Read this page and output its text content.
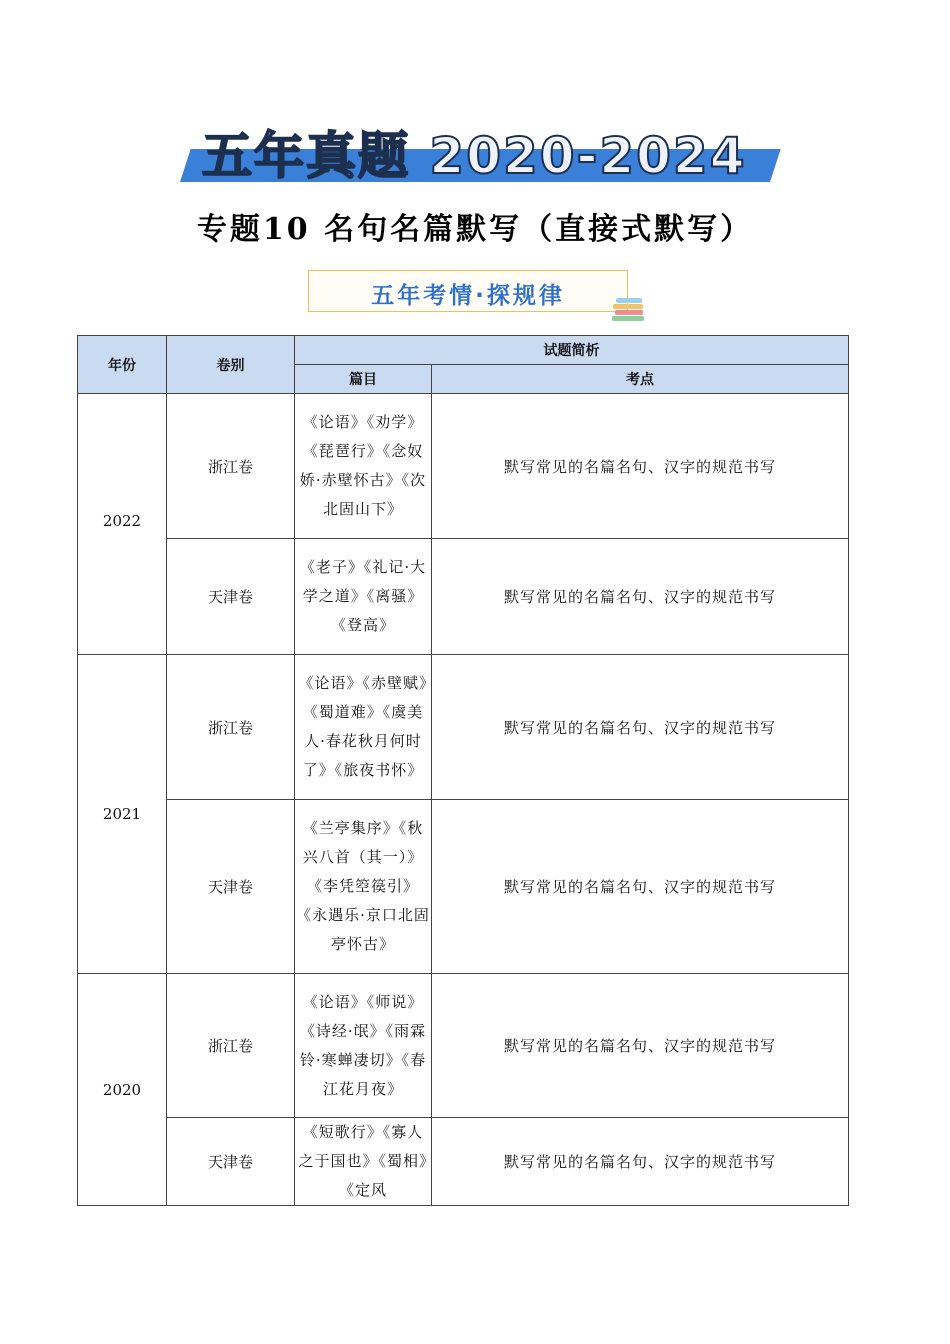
五年真题 2020-2024
专题10 名句名篇默写（直接式默写）
五年考情·探规律
年份	卷别	试题简析	
		篇目	考点
2022	浙江卷	《论语》《劝学》《琵琶行》《念奴娇·赤壁怀古》《次北固山下》	默写常见的名篇名句、汉字的规范书写
	天津卷	《老子》《礼记·大学之道》《离骚》《登高》	默写常见的名篇名句、汉字的规范书写
2021	浙江卷	《论语》《赤壁赋》《蜀道难》《虞美人·春花秋月何时了》《旅夜书怀》	默写常见的名篇名句、汉字的规范书写
	天津卷	《兰亭集序》《秋兴八首（其一）》《李凭箜篌引》《永遇乐·京口北固亭怀古》	默写常见的名篇名句、汉字的规范书写
2020	浙江卷	《论语》《师说》《诗经·氓》《雨霖铃·寒蝉凄切》《春江花月夜》	默写常见的名篇名句、汉字的规范书写
	天津卷	《短歌行》《寡人之于国也》《蜀相》《定风	默写常见的名篇名句、汉字的规范书写
